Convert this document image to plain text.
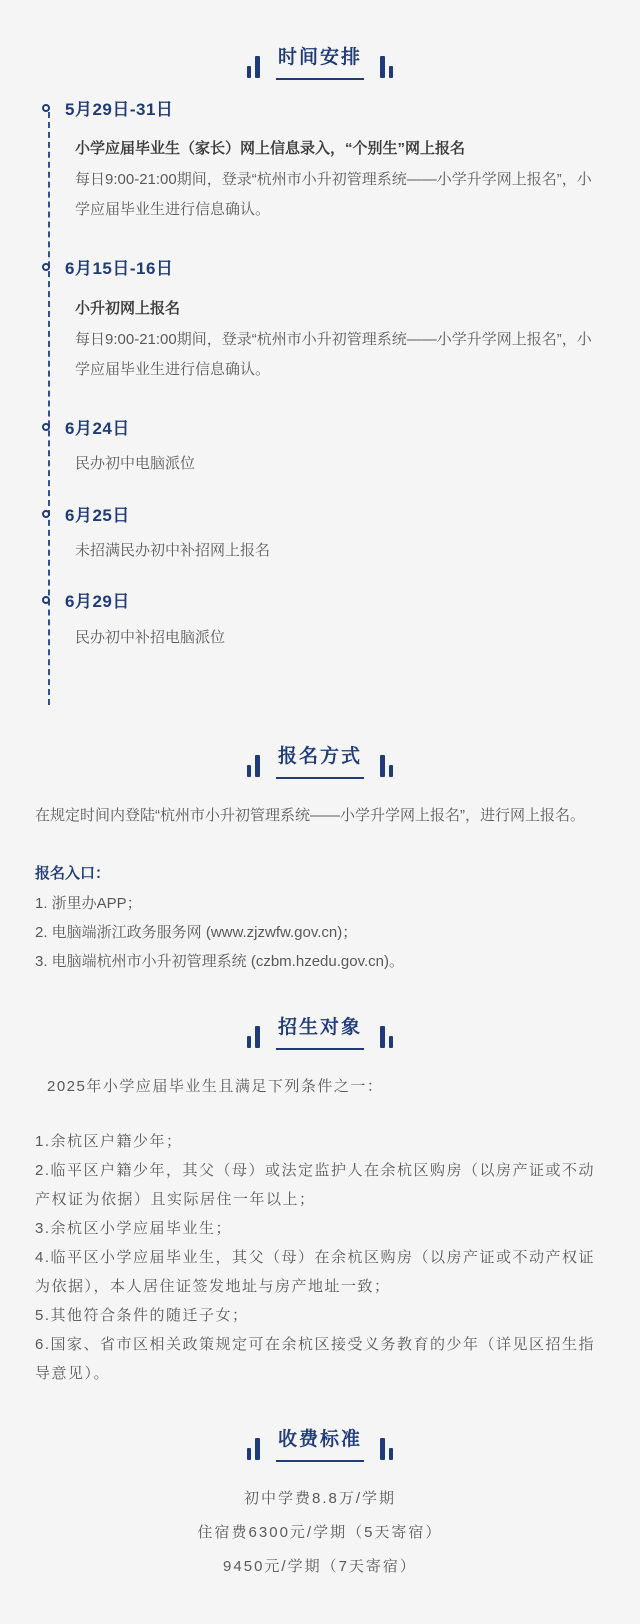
时间安排
5月29日-31日
小学应届毕业生（家长）网上信息录入，“个别生”网上报名
每日9:00-21:00期间，登录“杭州市小升初管理系统——小学升学网上报名”，小学应届毕业生进行信息确认。
6月15日-16日
小升初网上报名
每日9:00-21:00期间，登录“杭州市小升初管理系统——小学升学网上报名”，小学应届毕业生进行信息确认。
6月24日
民办初中电脑派位
6月25日
未招满民办初中补招网上报名
6月29日
民办初中补招电脑派位
报名方式
在规定时间内登陆“杭州市小升初管理系统——小学升学网上报名”，进行网上报名。
报名入口：
1. 浙里办APP；
2. 电脑端浙江政务服务网 (www.zjzwfw.gov.cn)；
3. 电脑端杭州市小升初管理系统 (czbm.hzedu.gov.cn)。
招生对象
2025年小学应届毕业生且满足下列条件之一：
1.余杭区户籍少年；
2.临平区户籍少年，其父（母）或法定监护人在余杭区购房（以房产证或不动产权证为依据）且实际居住一年以上；
3.余杭区小学应届毕业生；
4.临平区小学应届毕业生，其父（母）在余杭区购房（以房产证或不动产权证为依据），本人居住证签发地址与房产地址一致；
5.其他符合条件的随迁子女；
6.国家、省市区相关政策规定可在余杭区接受义务教育的少年（详见区招生指导意见）。
收费标准
初中学费8.8万/学期
住宿费6300元/学期（5天寄宿）
9450元/学期（7天寄宿）
